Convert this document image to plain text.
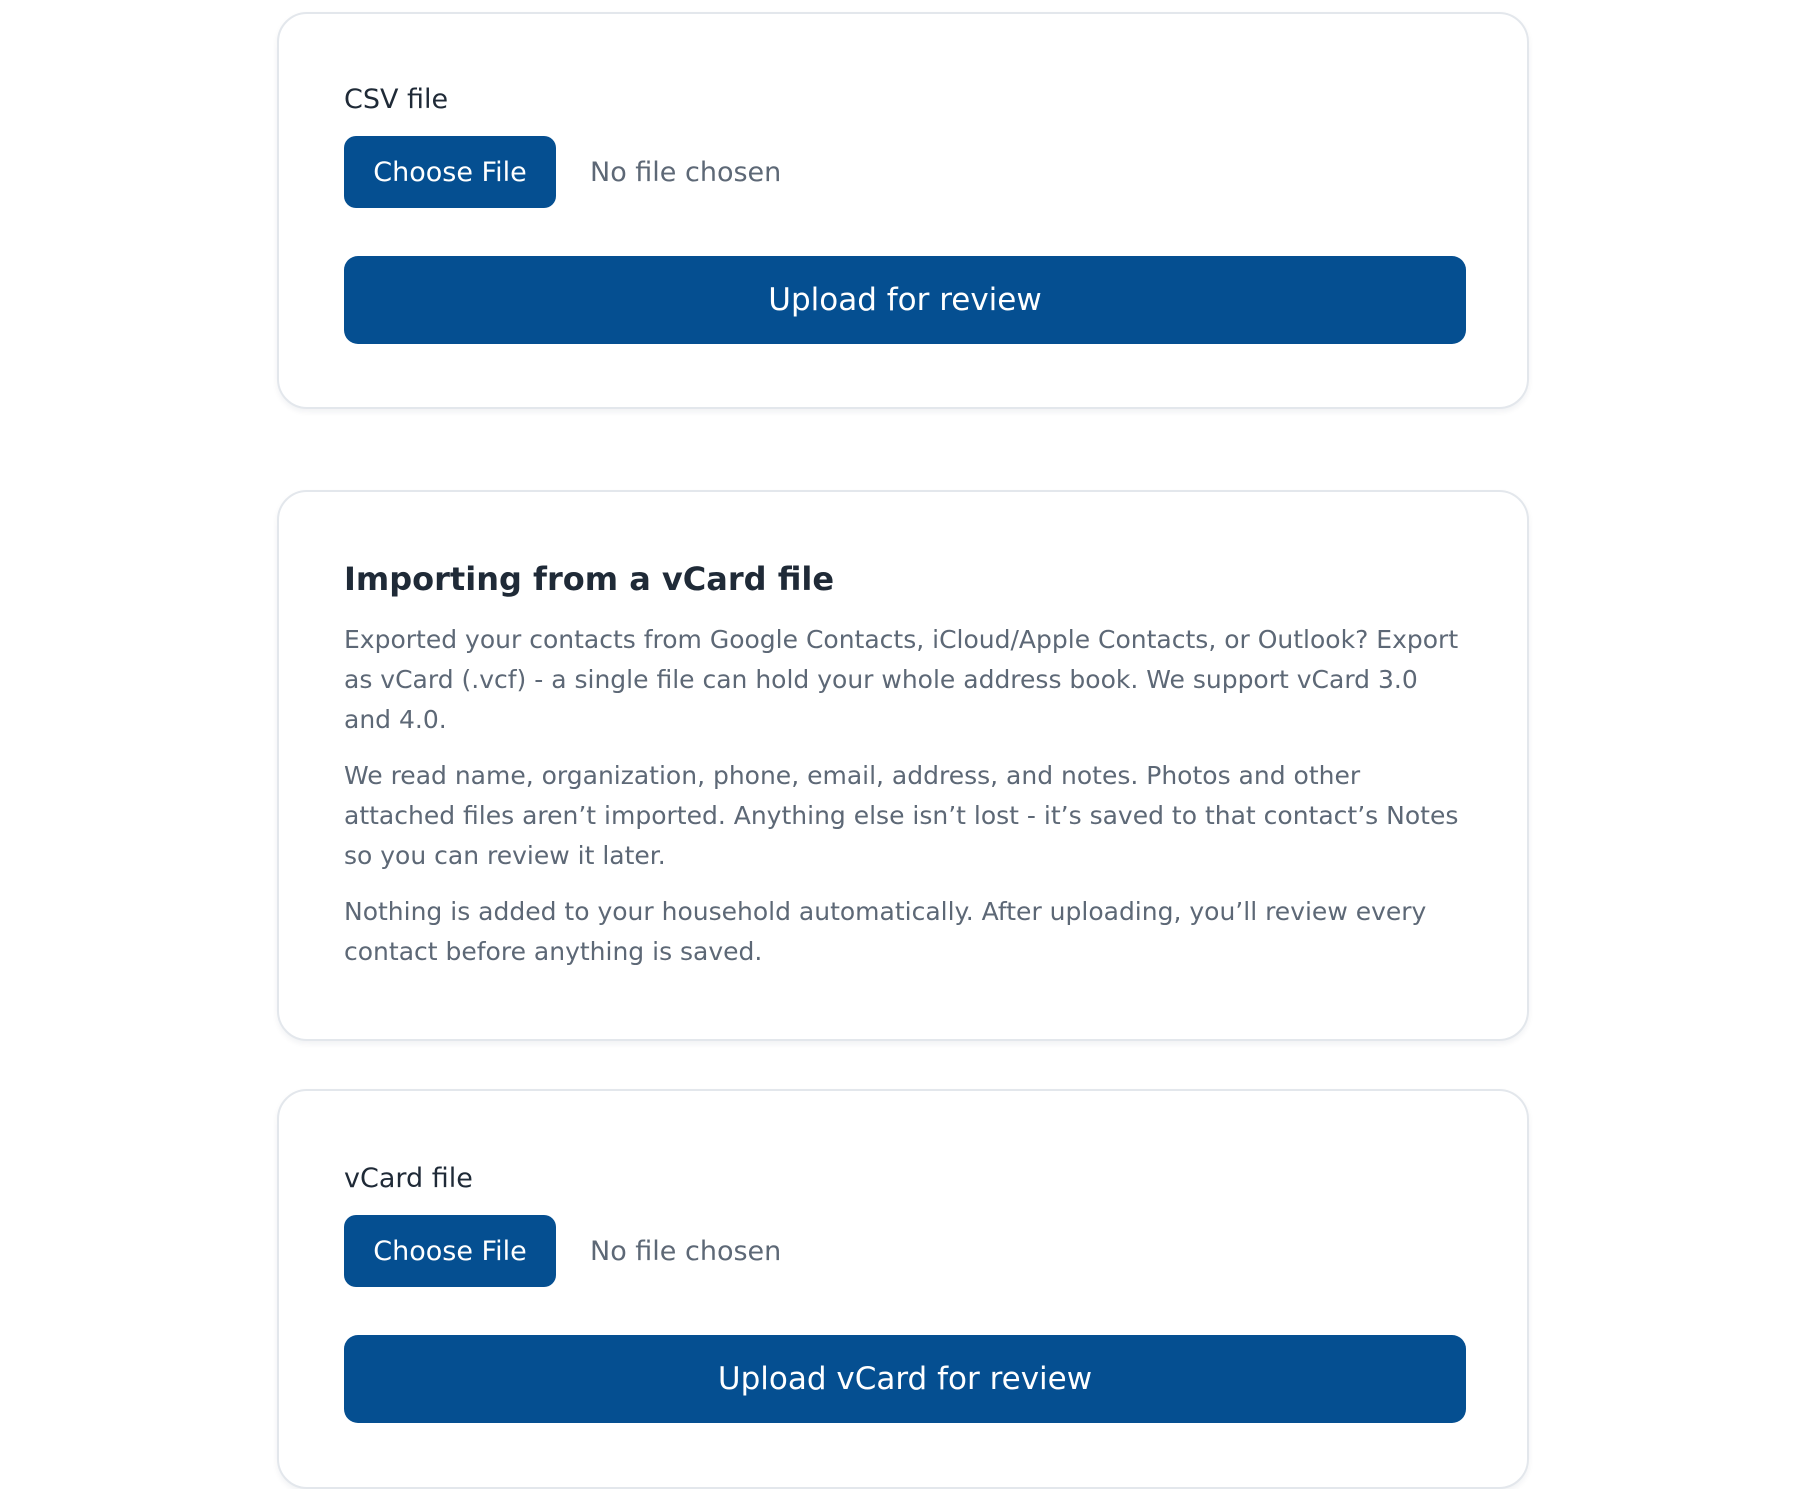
CSV file
Choose File	No file chosen
Upload for review
Importing from a vCard file

Exported your contacts from Google Contacts, iCloud/Apple Contacts, or Outlook? Export as vCard (.vcf) - a single file can hold your whole address book. We support vCard 3.0 and 4.0.

We read name, organization, phone, email, address, and notes. Photos and other attached files aren’t imported. Anything else isn’t lost - it’s saved to that contact’s Notes so you can review it later.

Nothing is added to your household automatically. After uploading, you’ll review every contact before anything is saved.

vCard file
Choose File	No file chosen
Upload vCard for review
